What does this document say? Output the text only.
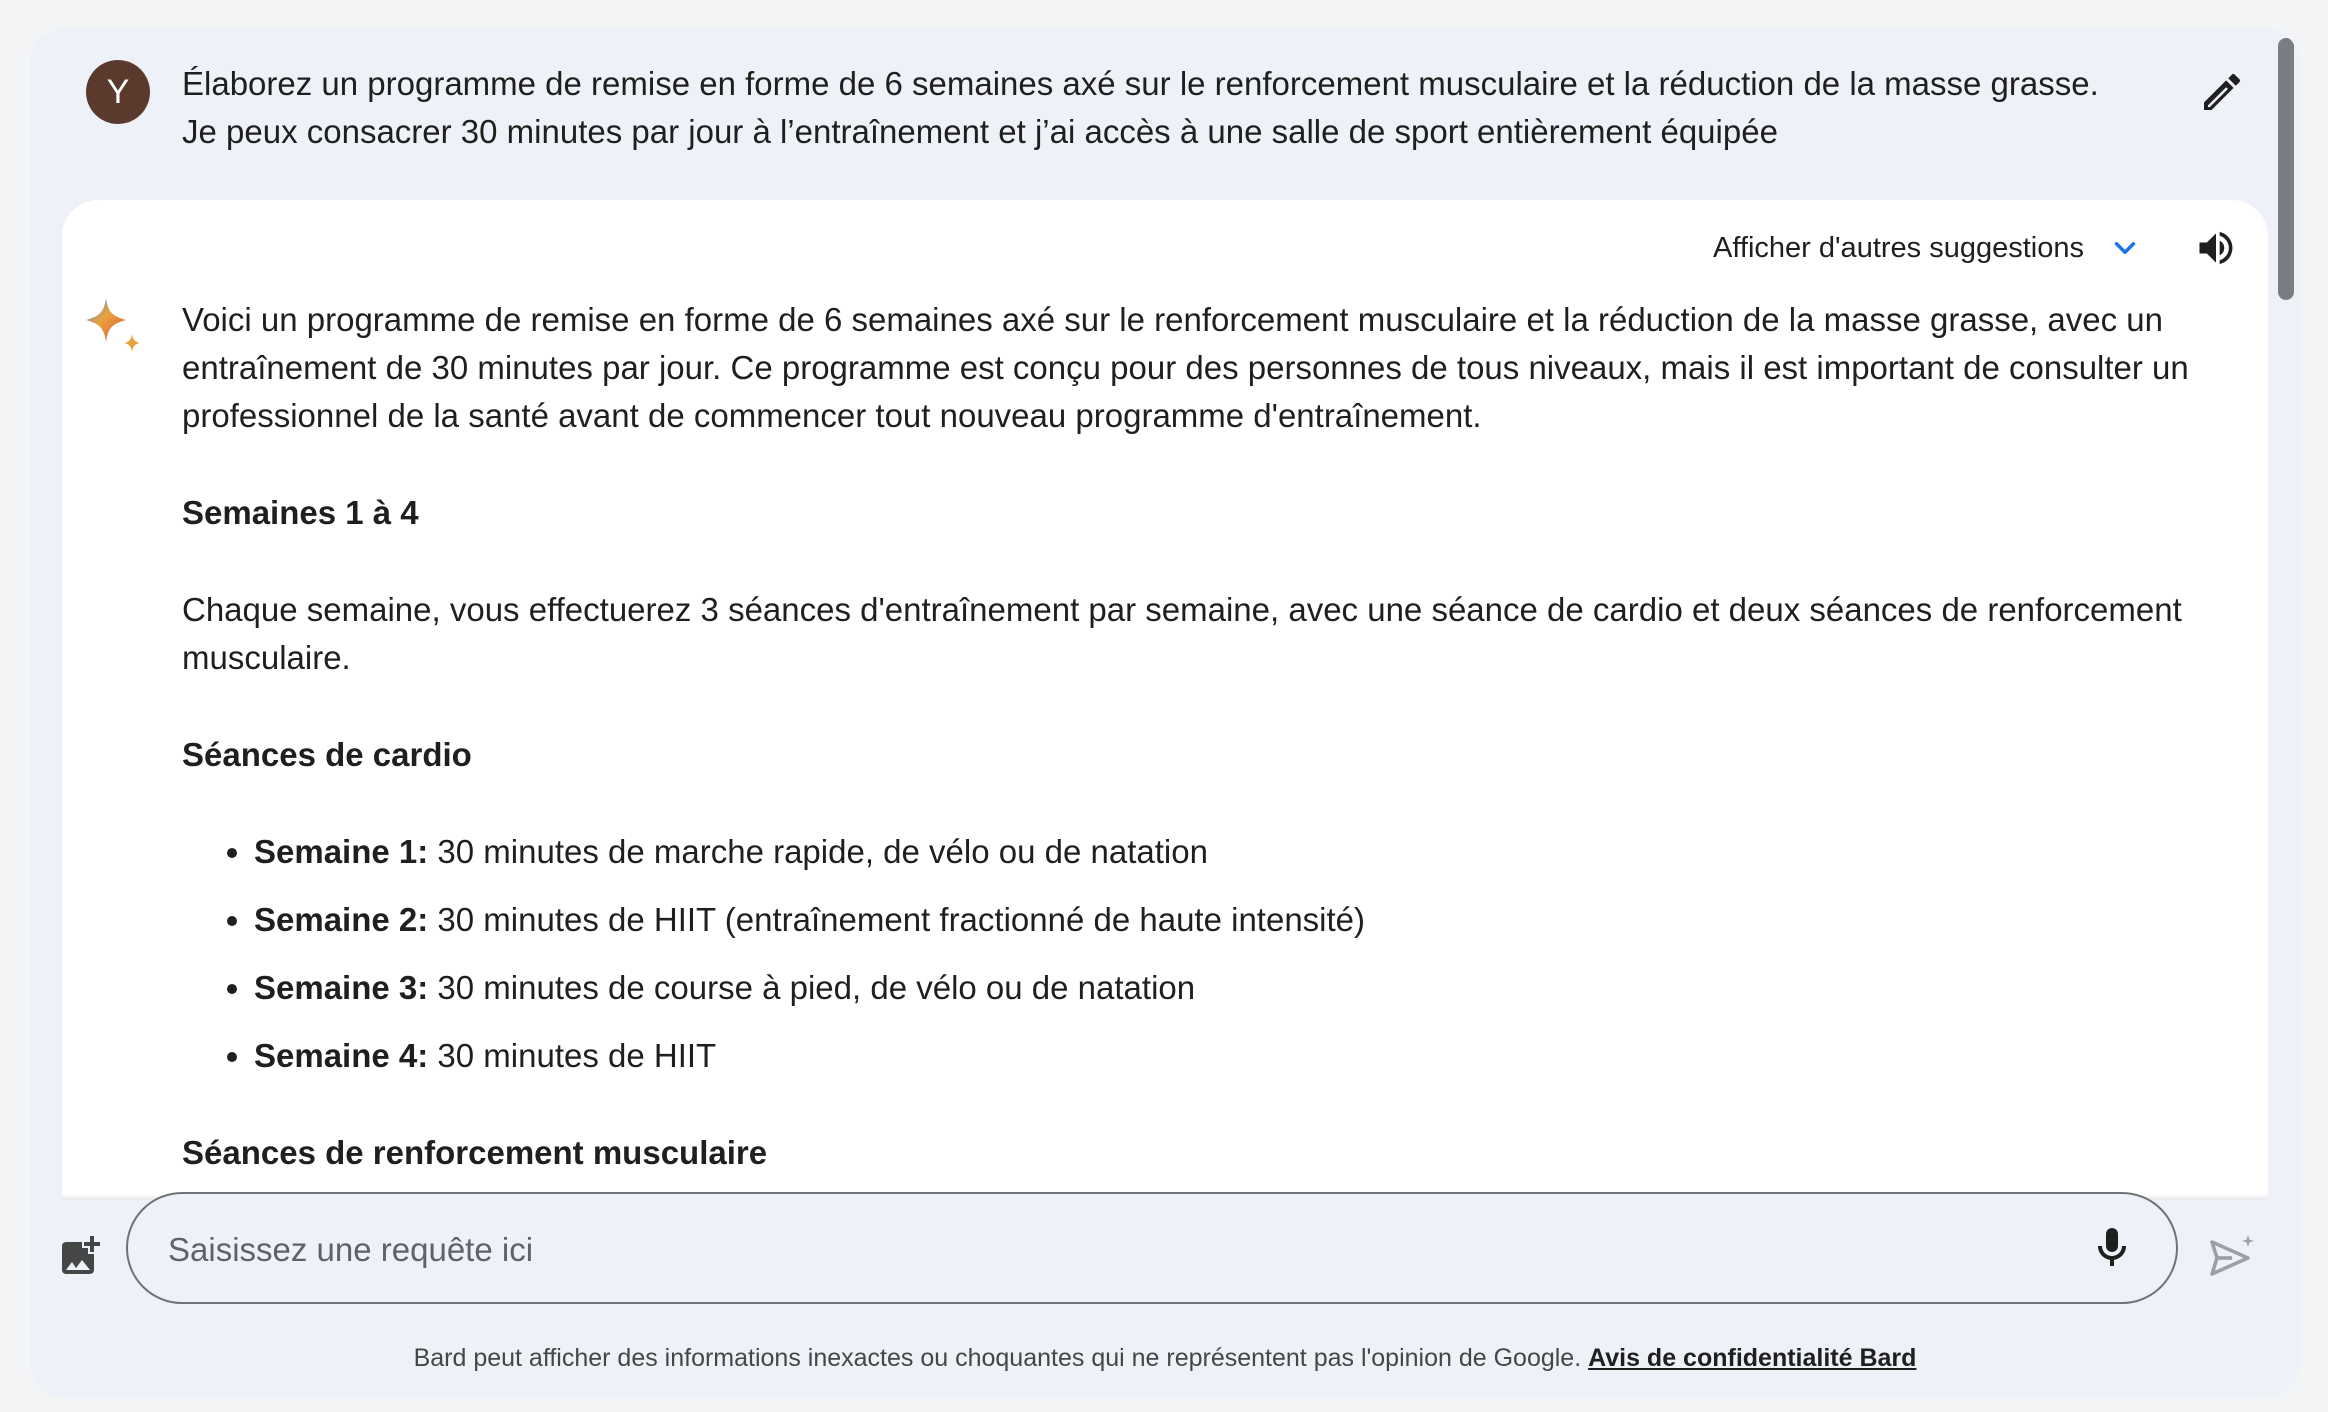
Y	Élaborez un programme de remise en forme de 6 semaines axé sur le renforcement musculaire et la réduction de la masse grasse. Je peux consacrer 30 minutes par jour à l’entraînement et j’ai accès à une salle de sport entièrement équipée
Afficher d'autres suggestions

Voici un programme de remise en forme de 6 semaines axé sur le renforcement musculaire et la réduction de la masse grasse, avec un entraînement de 30 minutes par jour. Ce programme est conçu pour des personnes de tous niveaux, mais il est important de consulter un professionnel de la santé avant de commencer tout nouveau programme d'entraînement.

Semaines 1 à 4

Chaque semaine, vous effectuerez 3 séances d'entraînement par semaine, avec une séance de cardio et deux séances de renforcement musculaire.

Séances de cardio
• Semaine 1: 30 minutes de marche rapide, de vélo ou de natation
• Semaine 2: 30 minutes de HIIT (entraînement fractionné de haute intensité)
• Semaine 3: 30 minutes de course à pied, de vélo ou de natation
• Semaine 4: 30 minutes de HIIT
Séances de renforcement musculaire
Saisissez une requête ici
Bard peut afficher des informations inexactes ou choquantes qui ne représentent pas l'opinion de Google. Avis de confidentialité Bard
